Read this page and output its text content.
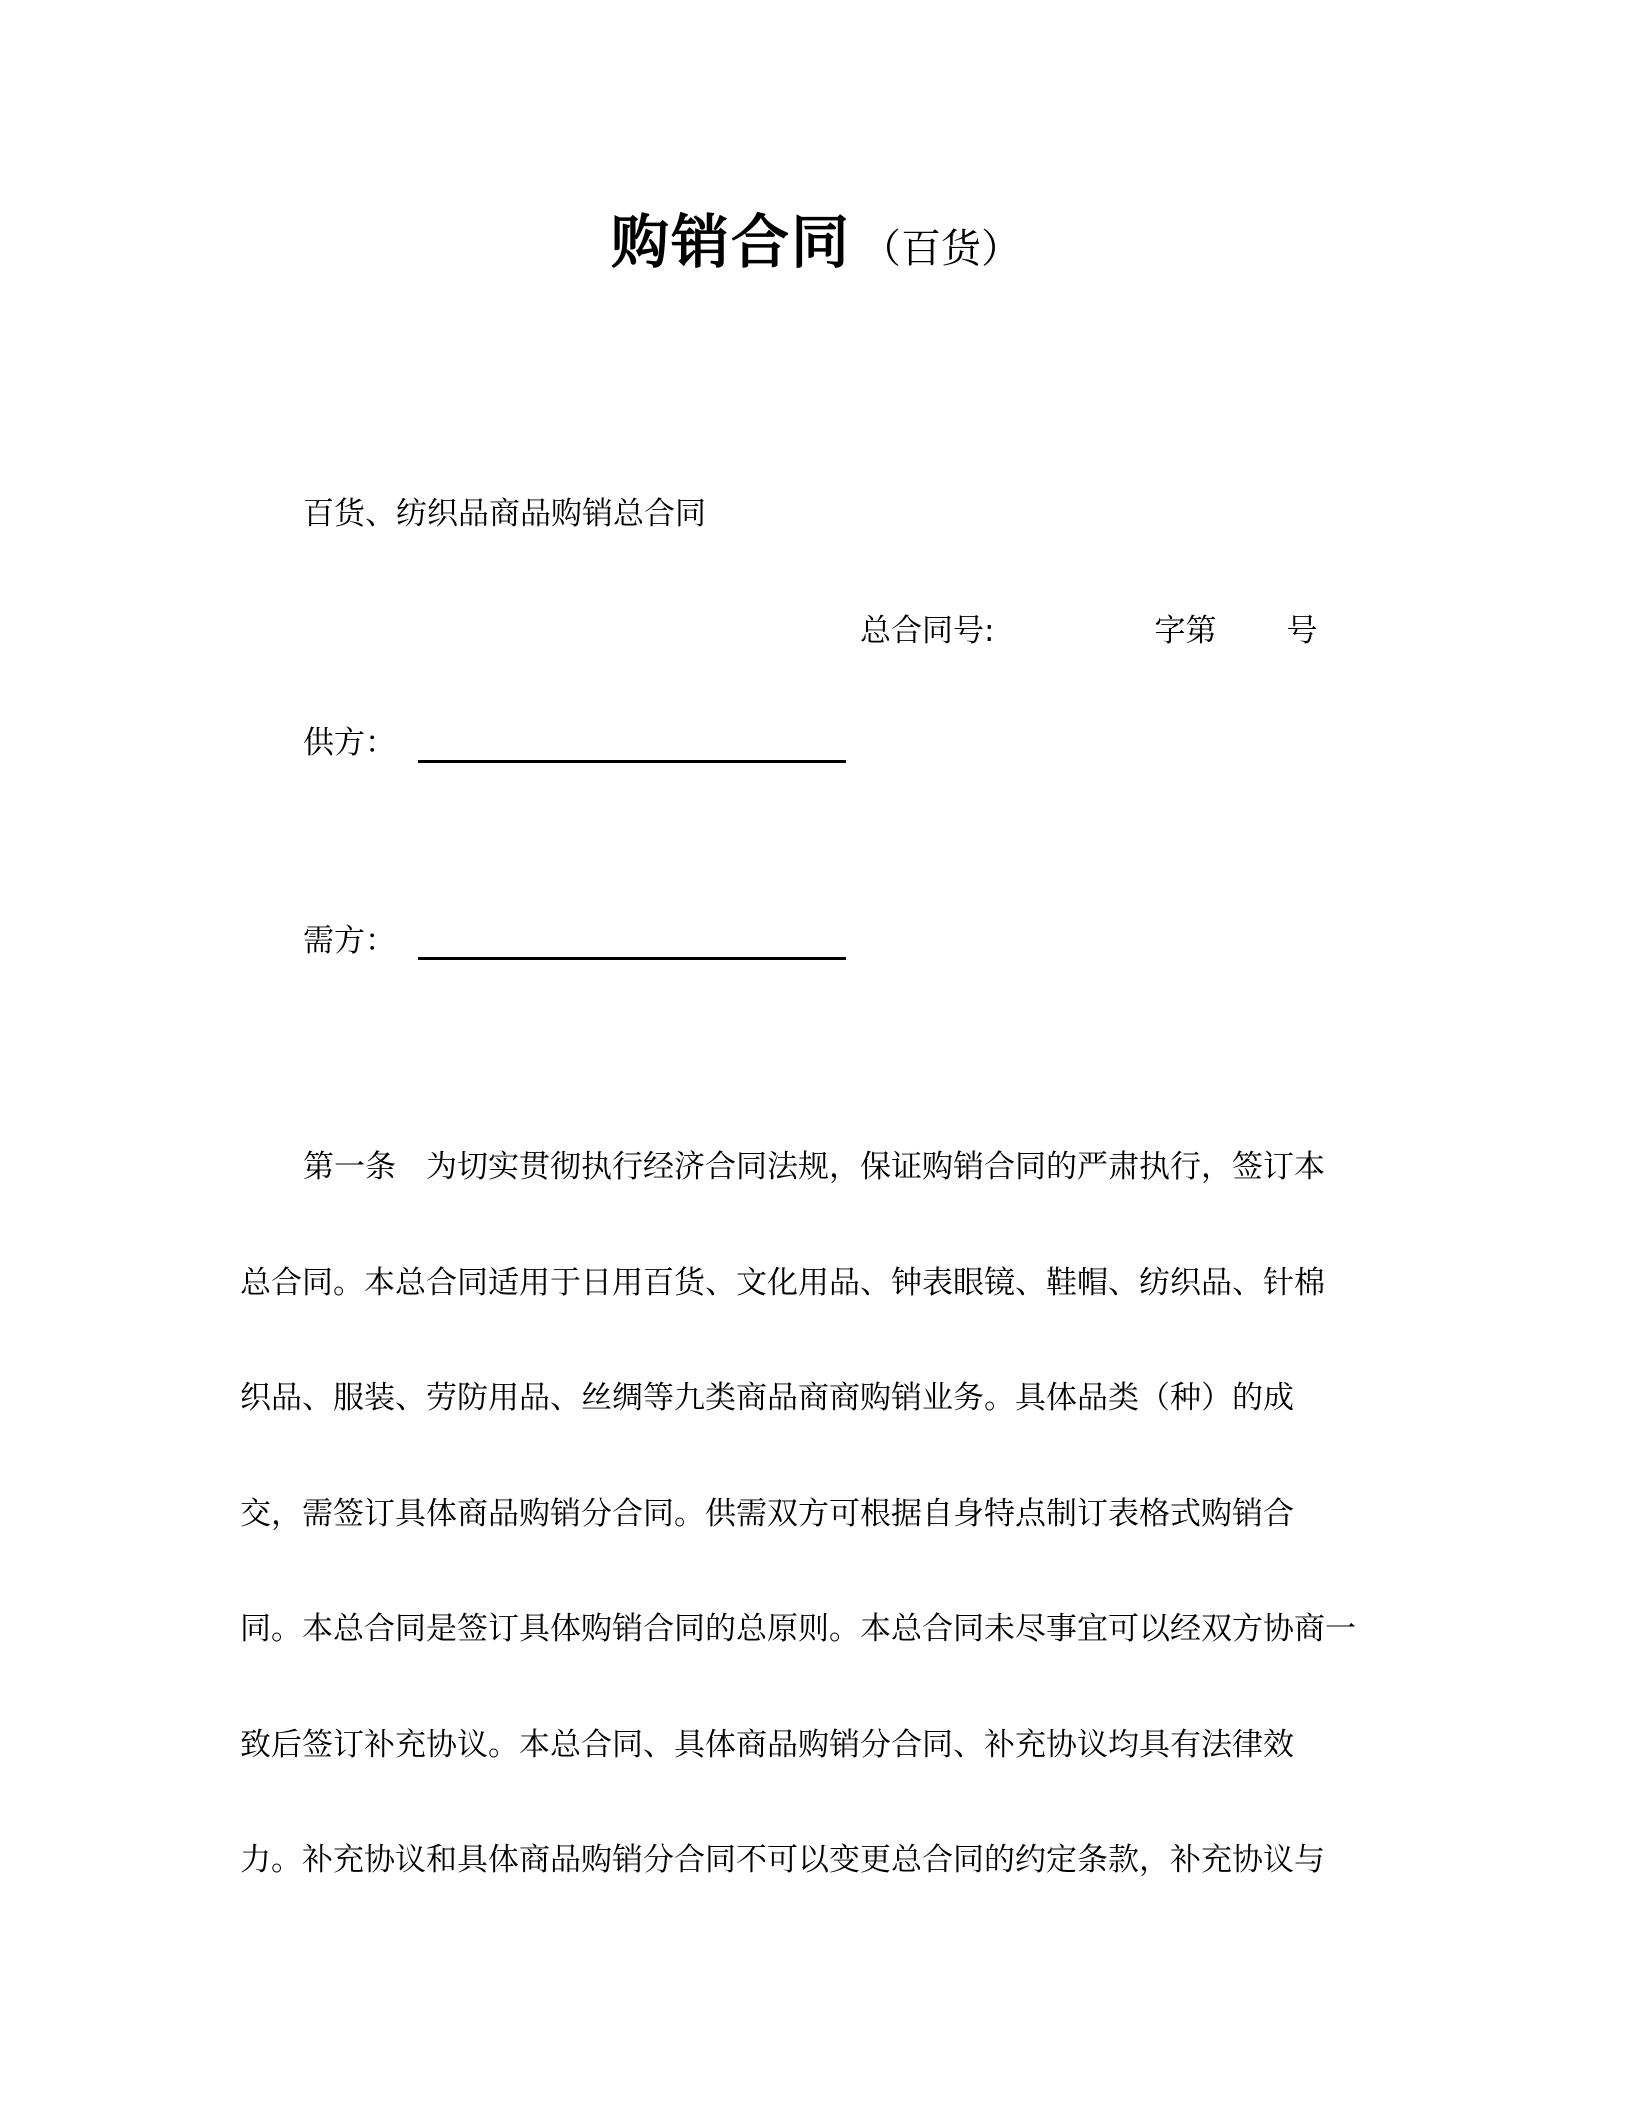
购销合同 （百货）
百货、纺织品商品购销总合同
总合同号:	字第 号
供方：
需方：
第一条 为切实贯彻执行经济合同法规，保证购销合同的严肃执行，签订本
总合同。本总合同适用于日用百货、文化用品、钟表眼镜、鞋帽、纺织品、针棉
织品、服装、劳防用品、丝绸等九类商品商商购销业务。具体品类（种）的成
交，需签订具体商品购销分合同。供需双方可根据自身特点制订表格式购销合
同。本总合同是签订具体购销合同的总原则。本总合同未尽事宜可以经双方协商一
致后签订补充协议。本总合同、具体商品购销分合同、补充协议均具有法律效
力。补充协议和具体商品购销分合同不可以变更总合同的约定条款，补充协议与
